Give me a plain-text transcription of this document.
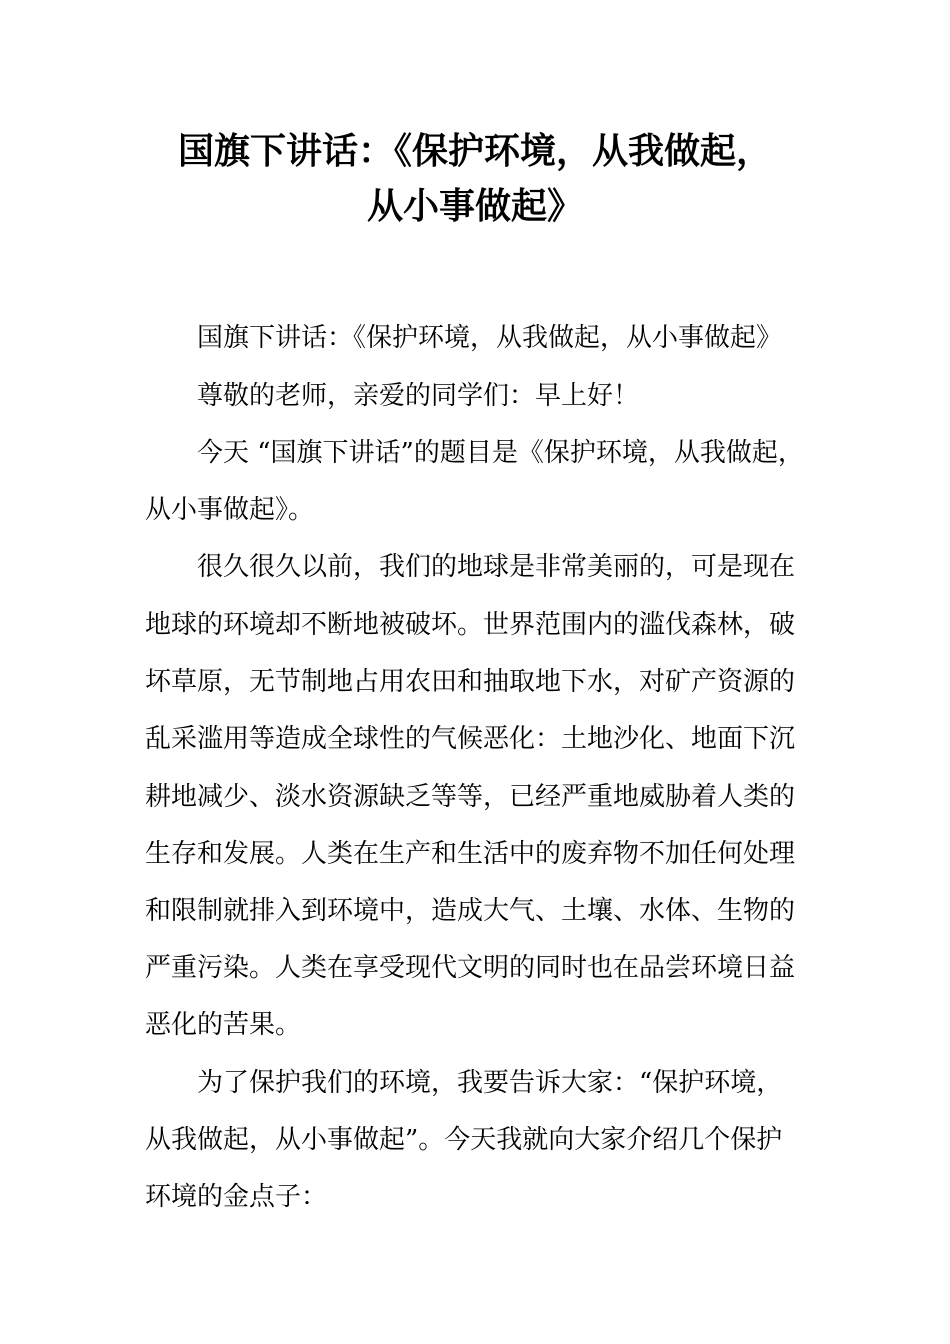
国旗下讲话：《保护环境，从我做起，
从小事做起》
国旗下讲话：《保护环境，从我做起，从小事做起》
尊敬的老师，亲爱的同学们：早上好！
今天 “国旗下讲话”的题目是《保护环境，从我做起，
从小事做起》。
很久很久以前，我们的地球是非常美丽的，可是现在
地球的环境却不断地被破坏。世界范围内的滥伐森林，破
坏草原，无节制地占用农田和抽取地下水，对矿产资源的
乱采滥用等造成全球性的气候恶化：土地沙化、地面下沉
耕地减少、淡水资源缺乏等等，已经严重地威胁着人类的
生存和发展。人类在生产和生活中的废弃物不加任何处理
和限制就排入到环境中，造成大气、土壤、水体、生物的
严重污染。人类在享受现代文明的同时也在品尝环境日益
恶化的苦果。
为了保护我们的环境，我要告诉大家：“保护环境，
从我做起，从小事做起”。今天我就向大家介绍几个保护
环境的金点子：
